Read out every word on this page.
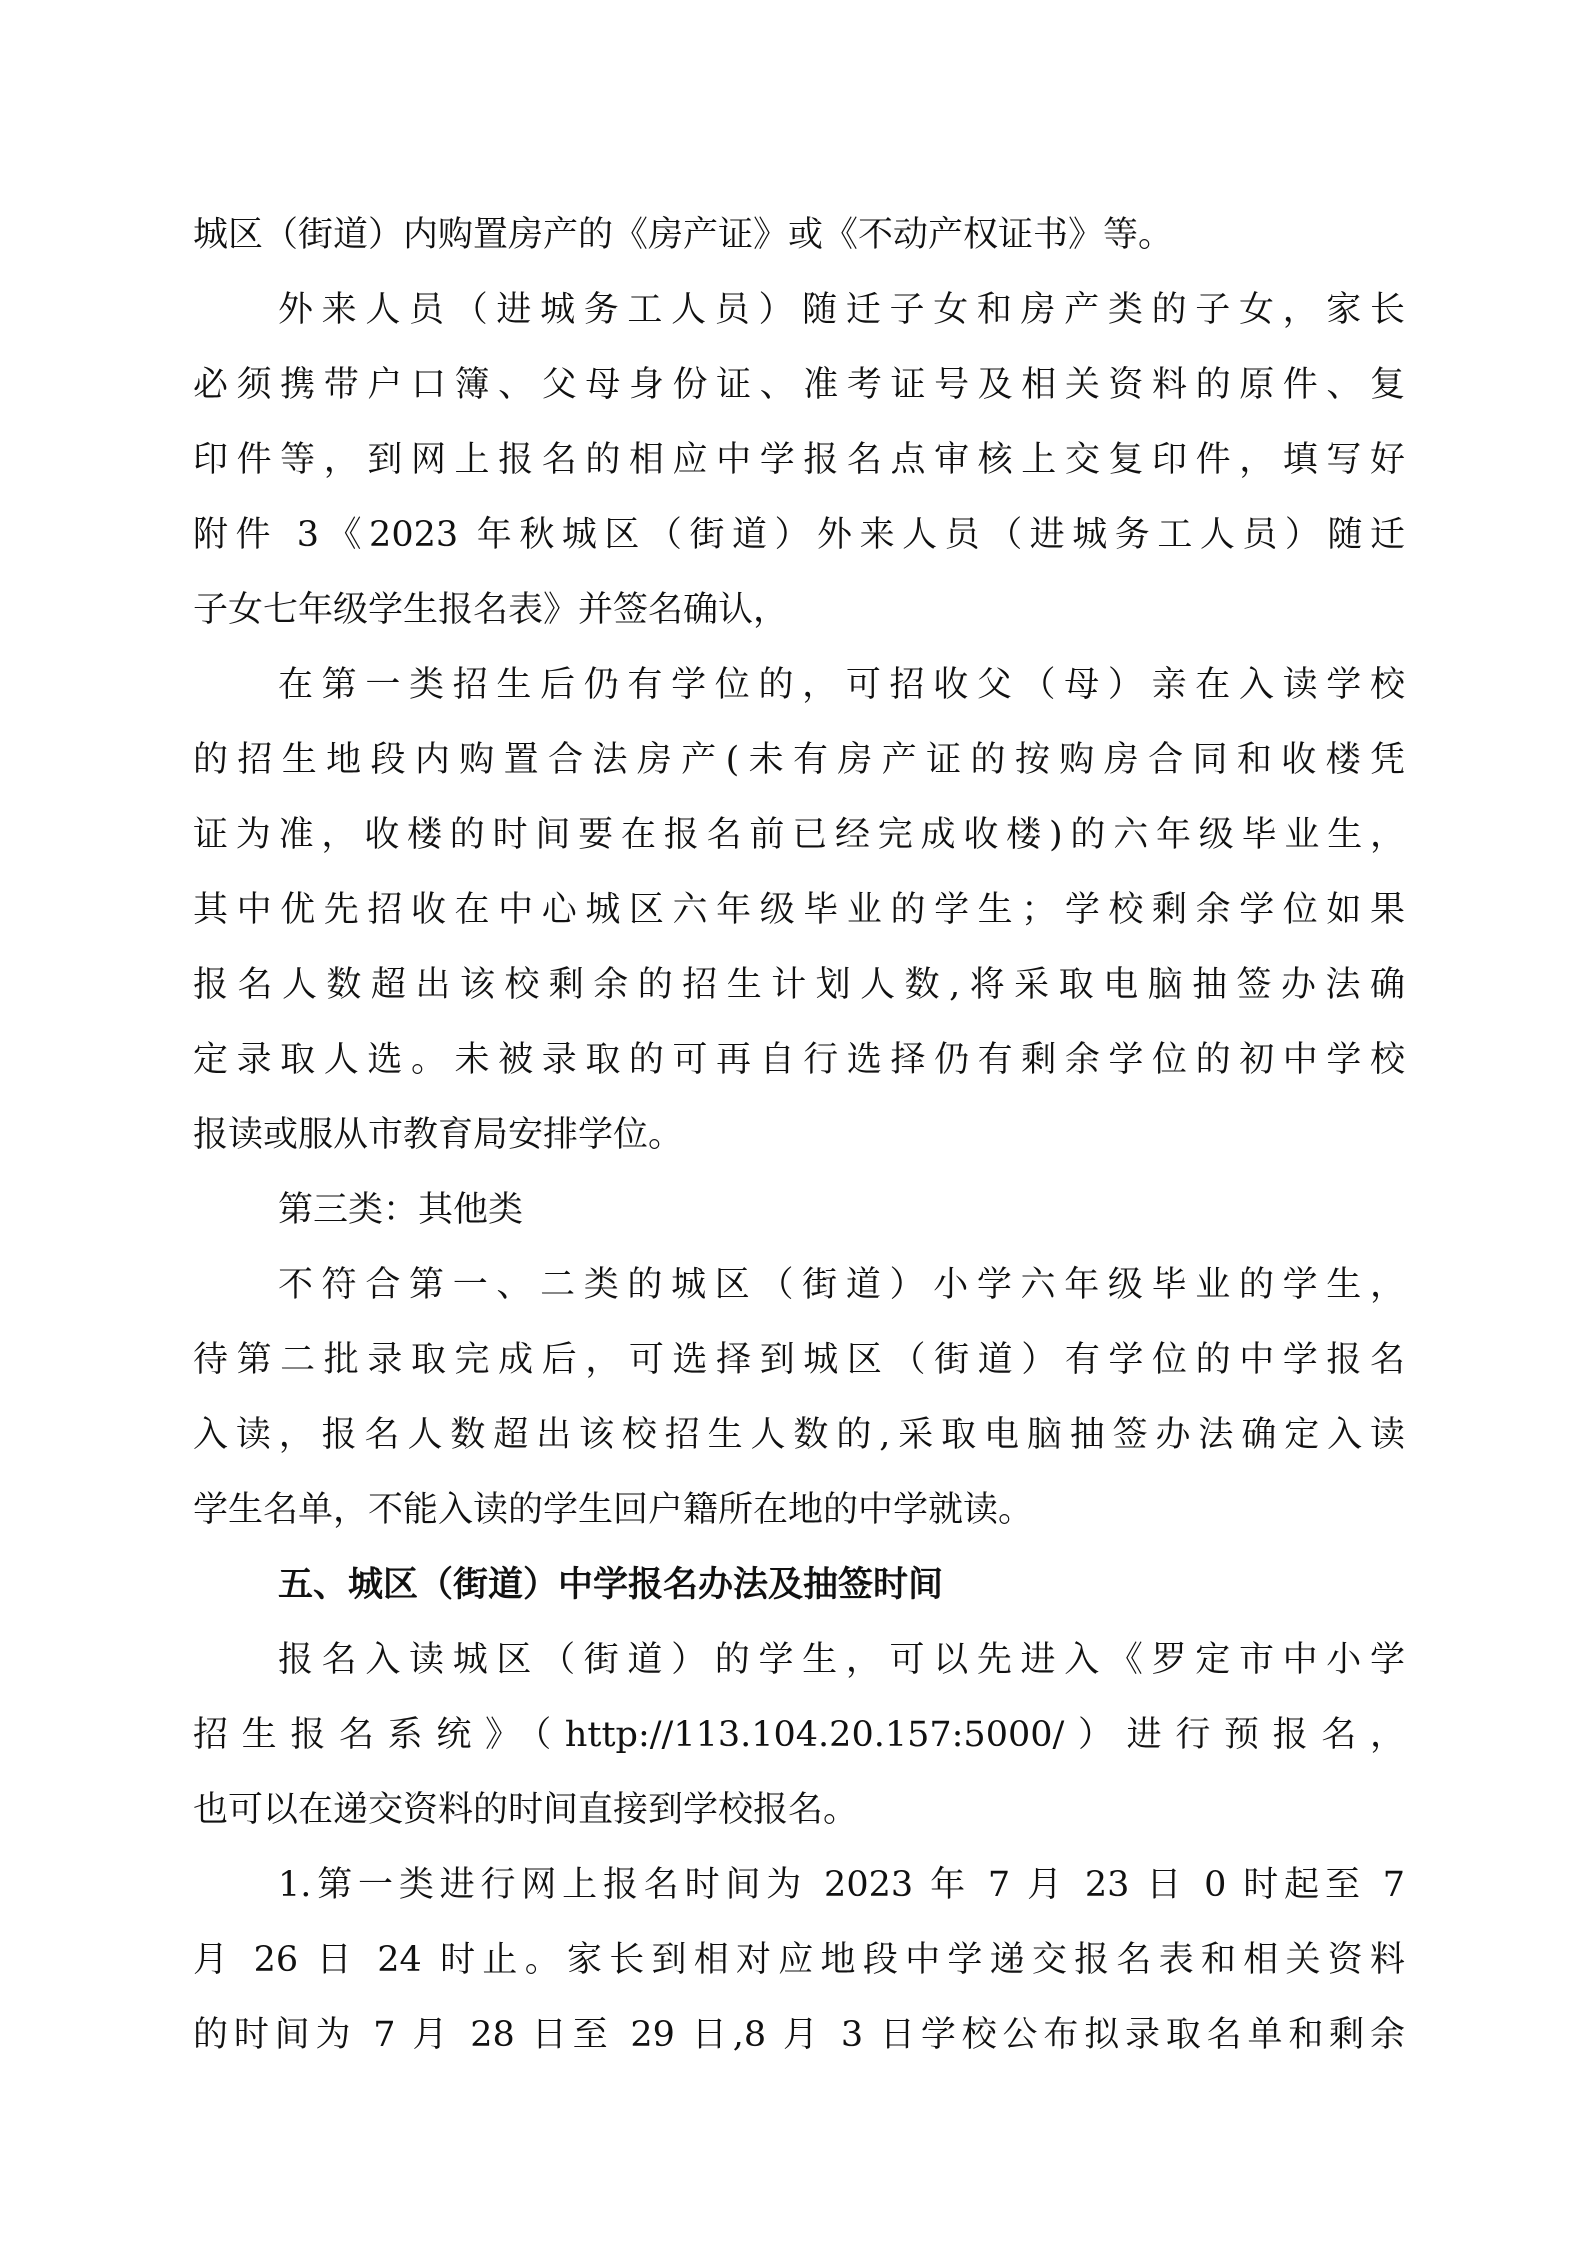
城区（街道）内购置房产的《房产证》或《不动产权证书》等。
外来人员（进城务工人员）随迁子女和房产类的子女，家长
必须携带户口簿、父母身份证、准考证号及相关资料的原件、复
印件等，到网上报名的相应中学报名点审核上交复印件，填写好
附件 3《2023 年秋城区（街道）外来人员（进城务工人员）随迁
子女七年级学生报名表》并签名确认，
在第一类招生后仍有学位的，可招收父（母）亲在入读学校
的招生地段内购置合法房产(未有房产证的按购房合同和收楼凭
证为准，收楼的时间要在报名前已经完成收楼)的六年级毕业生，
其中优先招收在中心城区六年级毕业的学生；学校剩余学位如果
报名人数超出该校剩余的招生计划人数,将采取电脑抽签办法确
定录取人选。未被录取的可再自行选择仍有剩余学位的初中学校
报读或服从市教育局安排学位。
第三类：其他类
不符合第一、二类的城区（街道）小学六年级毕业的学生，
待第二批录取完成后，可选择到城区（街道）有学位的中学报名
入读，报名人数超出该校招生人数的,采取电脑抽签办法确定入读
学生名单，不能入读的学生回户籍所在地的中学就读。
五、城区（街道）中学报名办法及抽签时间
报名入读城区（街道）的学生，可以先进入《罗定市中小学
招生报名系统》（http://113.104.20.157:5000/）进行预报名，
也可以在递交资料的时间直接到学校报名。
1.第一类进行网上报名时间为 2023 年 7 月 23 日 0 时起至 7
月 26 日 24 时止。家长到相对应地段中学递交报名表和相关资料
的时间为 7 月 28 日至 29 日,8 月 3 日学校公布拟录取名单和剩余
